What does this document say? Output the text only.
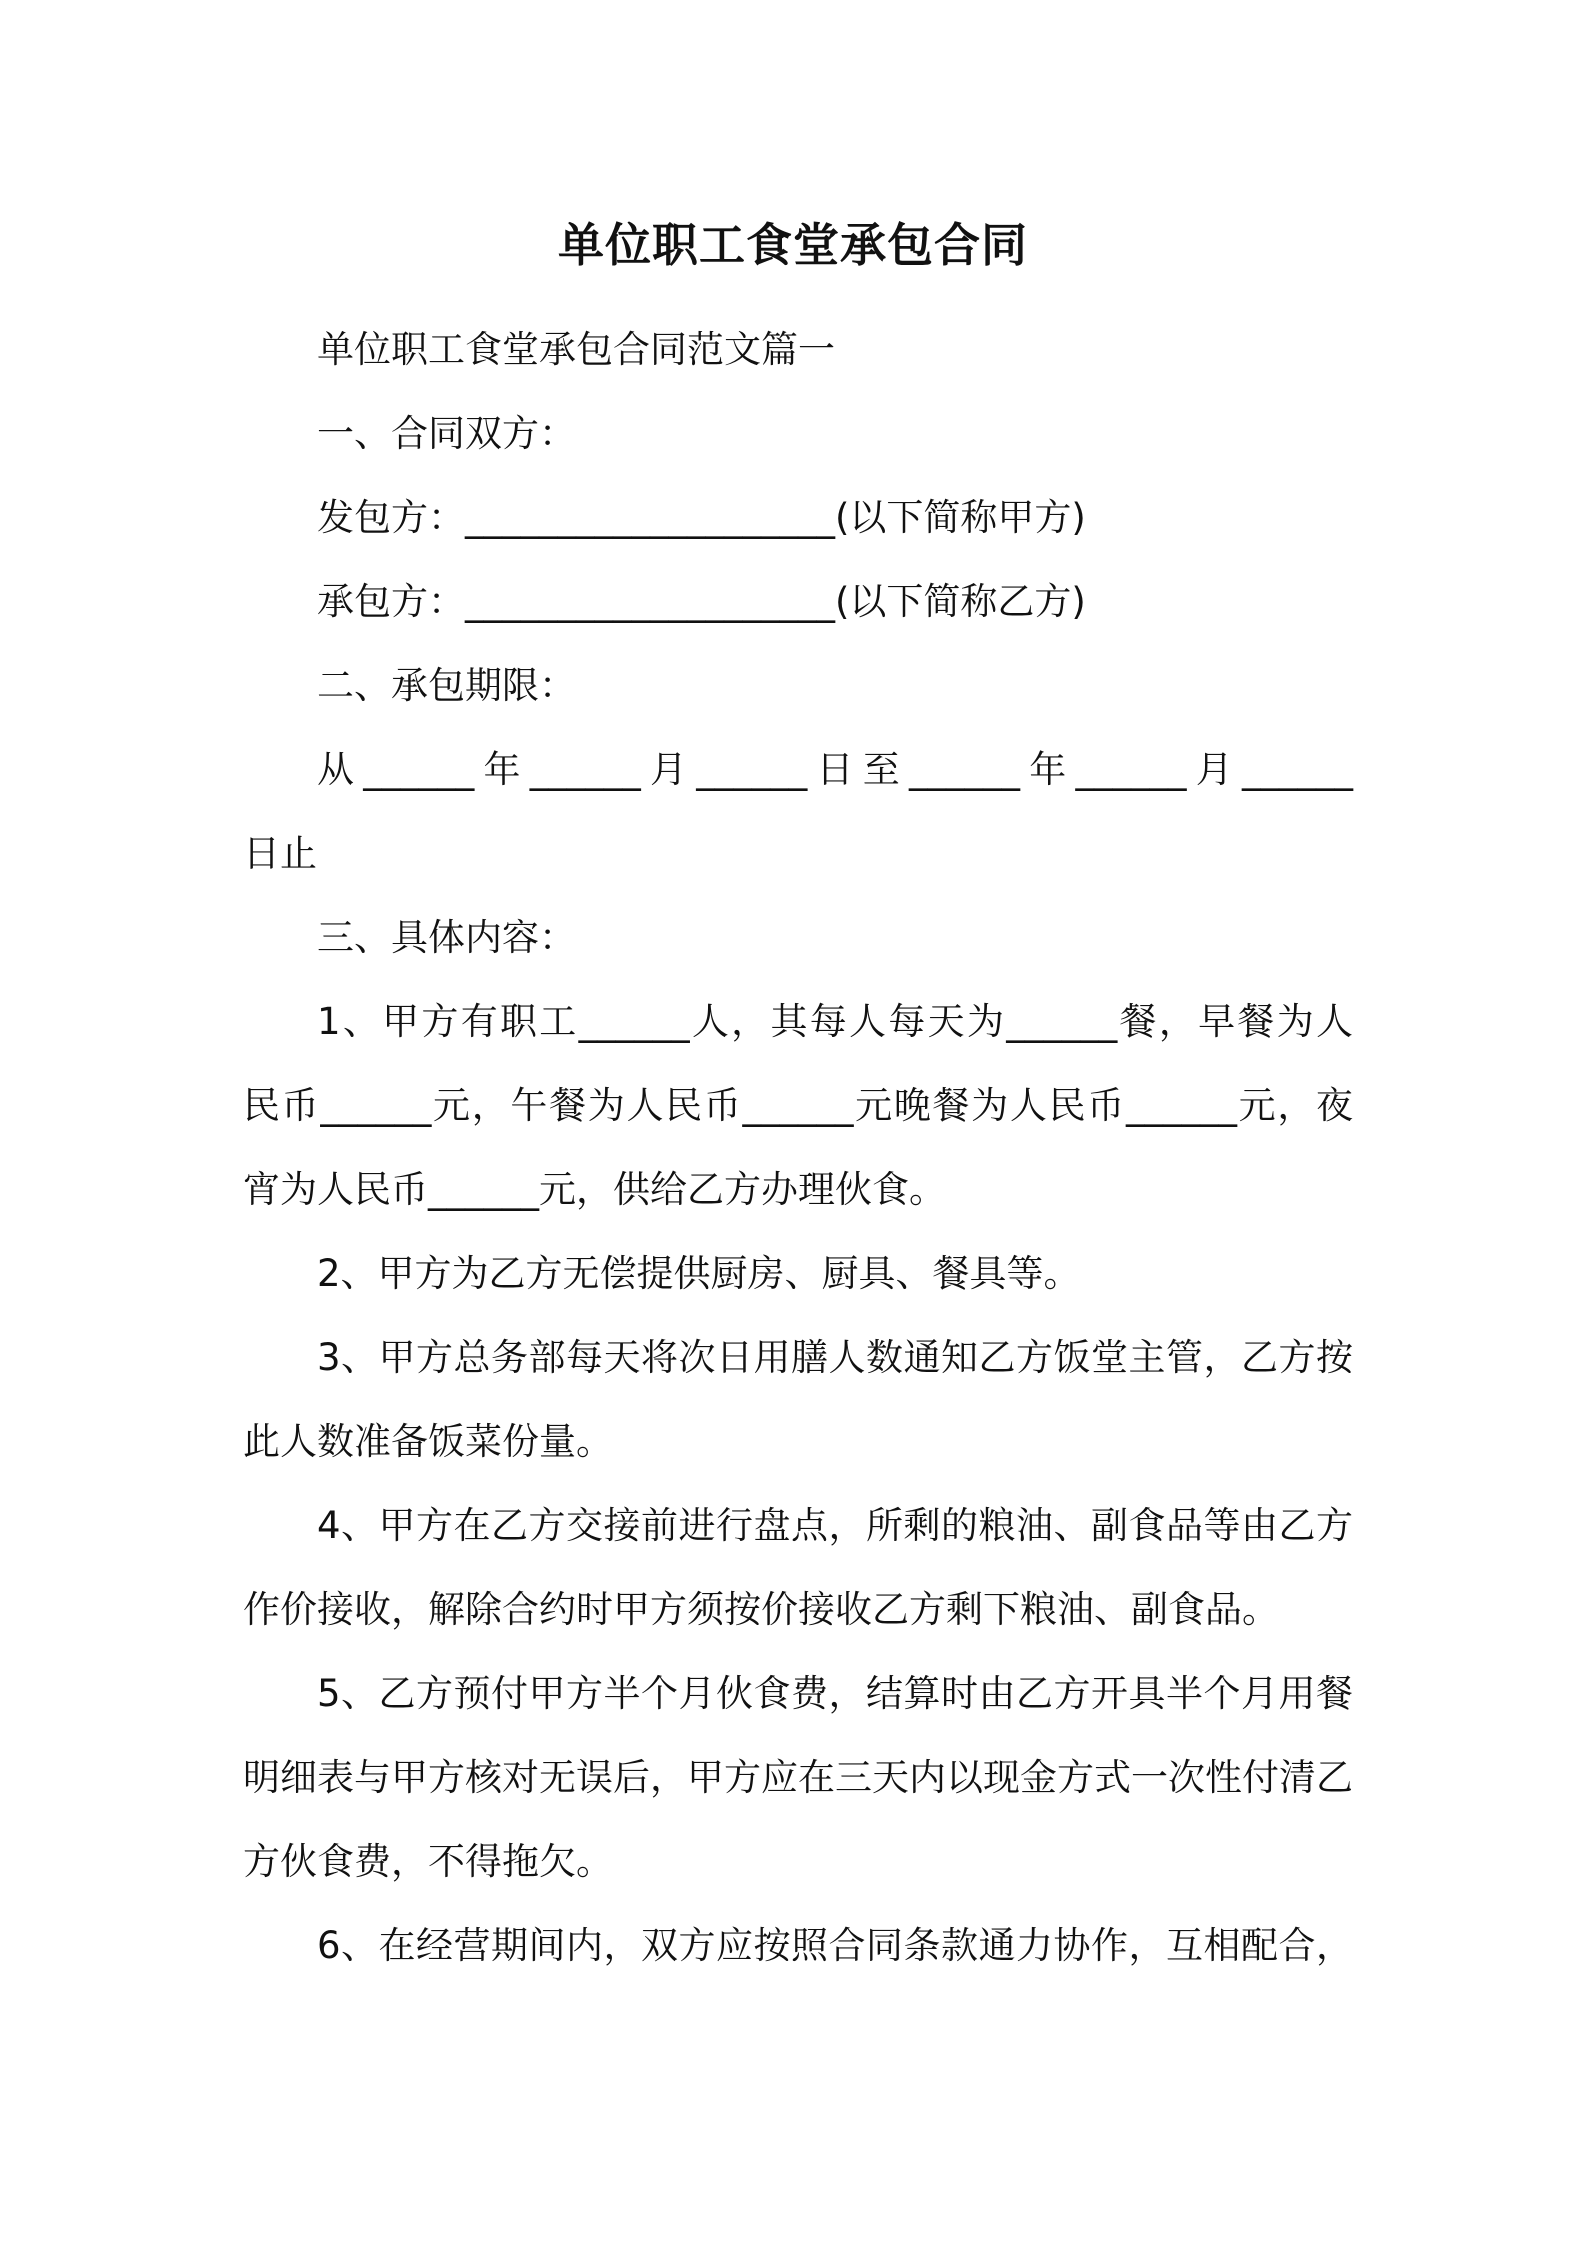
单位职工食堂承包合同
单位职工食堂承包合同范文篇一
一、合同双方：
发包方：____________________(以下简称甲方)
承包方：____________________(以下简称乙方)
二、承包期限：
从______年______月______日至______年______月______
日止
三、具体内容：
1、甲方有职工______人，其每人每天为______餐，早餐为人
民币______元，午餐为人民币______元晚餐为人民币______元，夜
宵为人民币______元，供给乙方办理伙食。
2、甲方为乙方无偿提供厨房、厨具、餐具等。
3、甲方总务部每天将次日用膳人数通知乙方饭堂主管，乙方按
此人数准备饭菜份量。
4、甲方在乙方交接前进行盘点，所剩的粮油、副食品等由乙方
作价接收，解除合约时甲方须按价接收乙方剩下粮油、副食品。
5、乙方预付甲方半个月伙食费，结算时由乙方开具半个月用餐
明细表与甲方核对无误后，甲方应在三天内以现金方式一次性付清乙
方伙食费，不得拖欠。
6、在经营期间内，双方应按照合同条款通力协作，互相配合，
